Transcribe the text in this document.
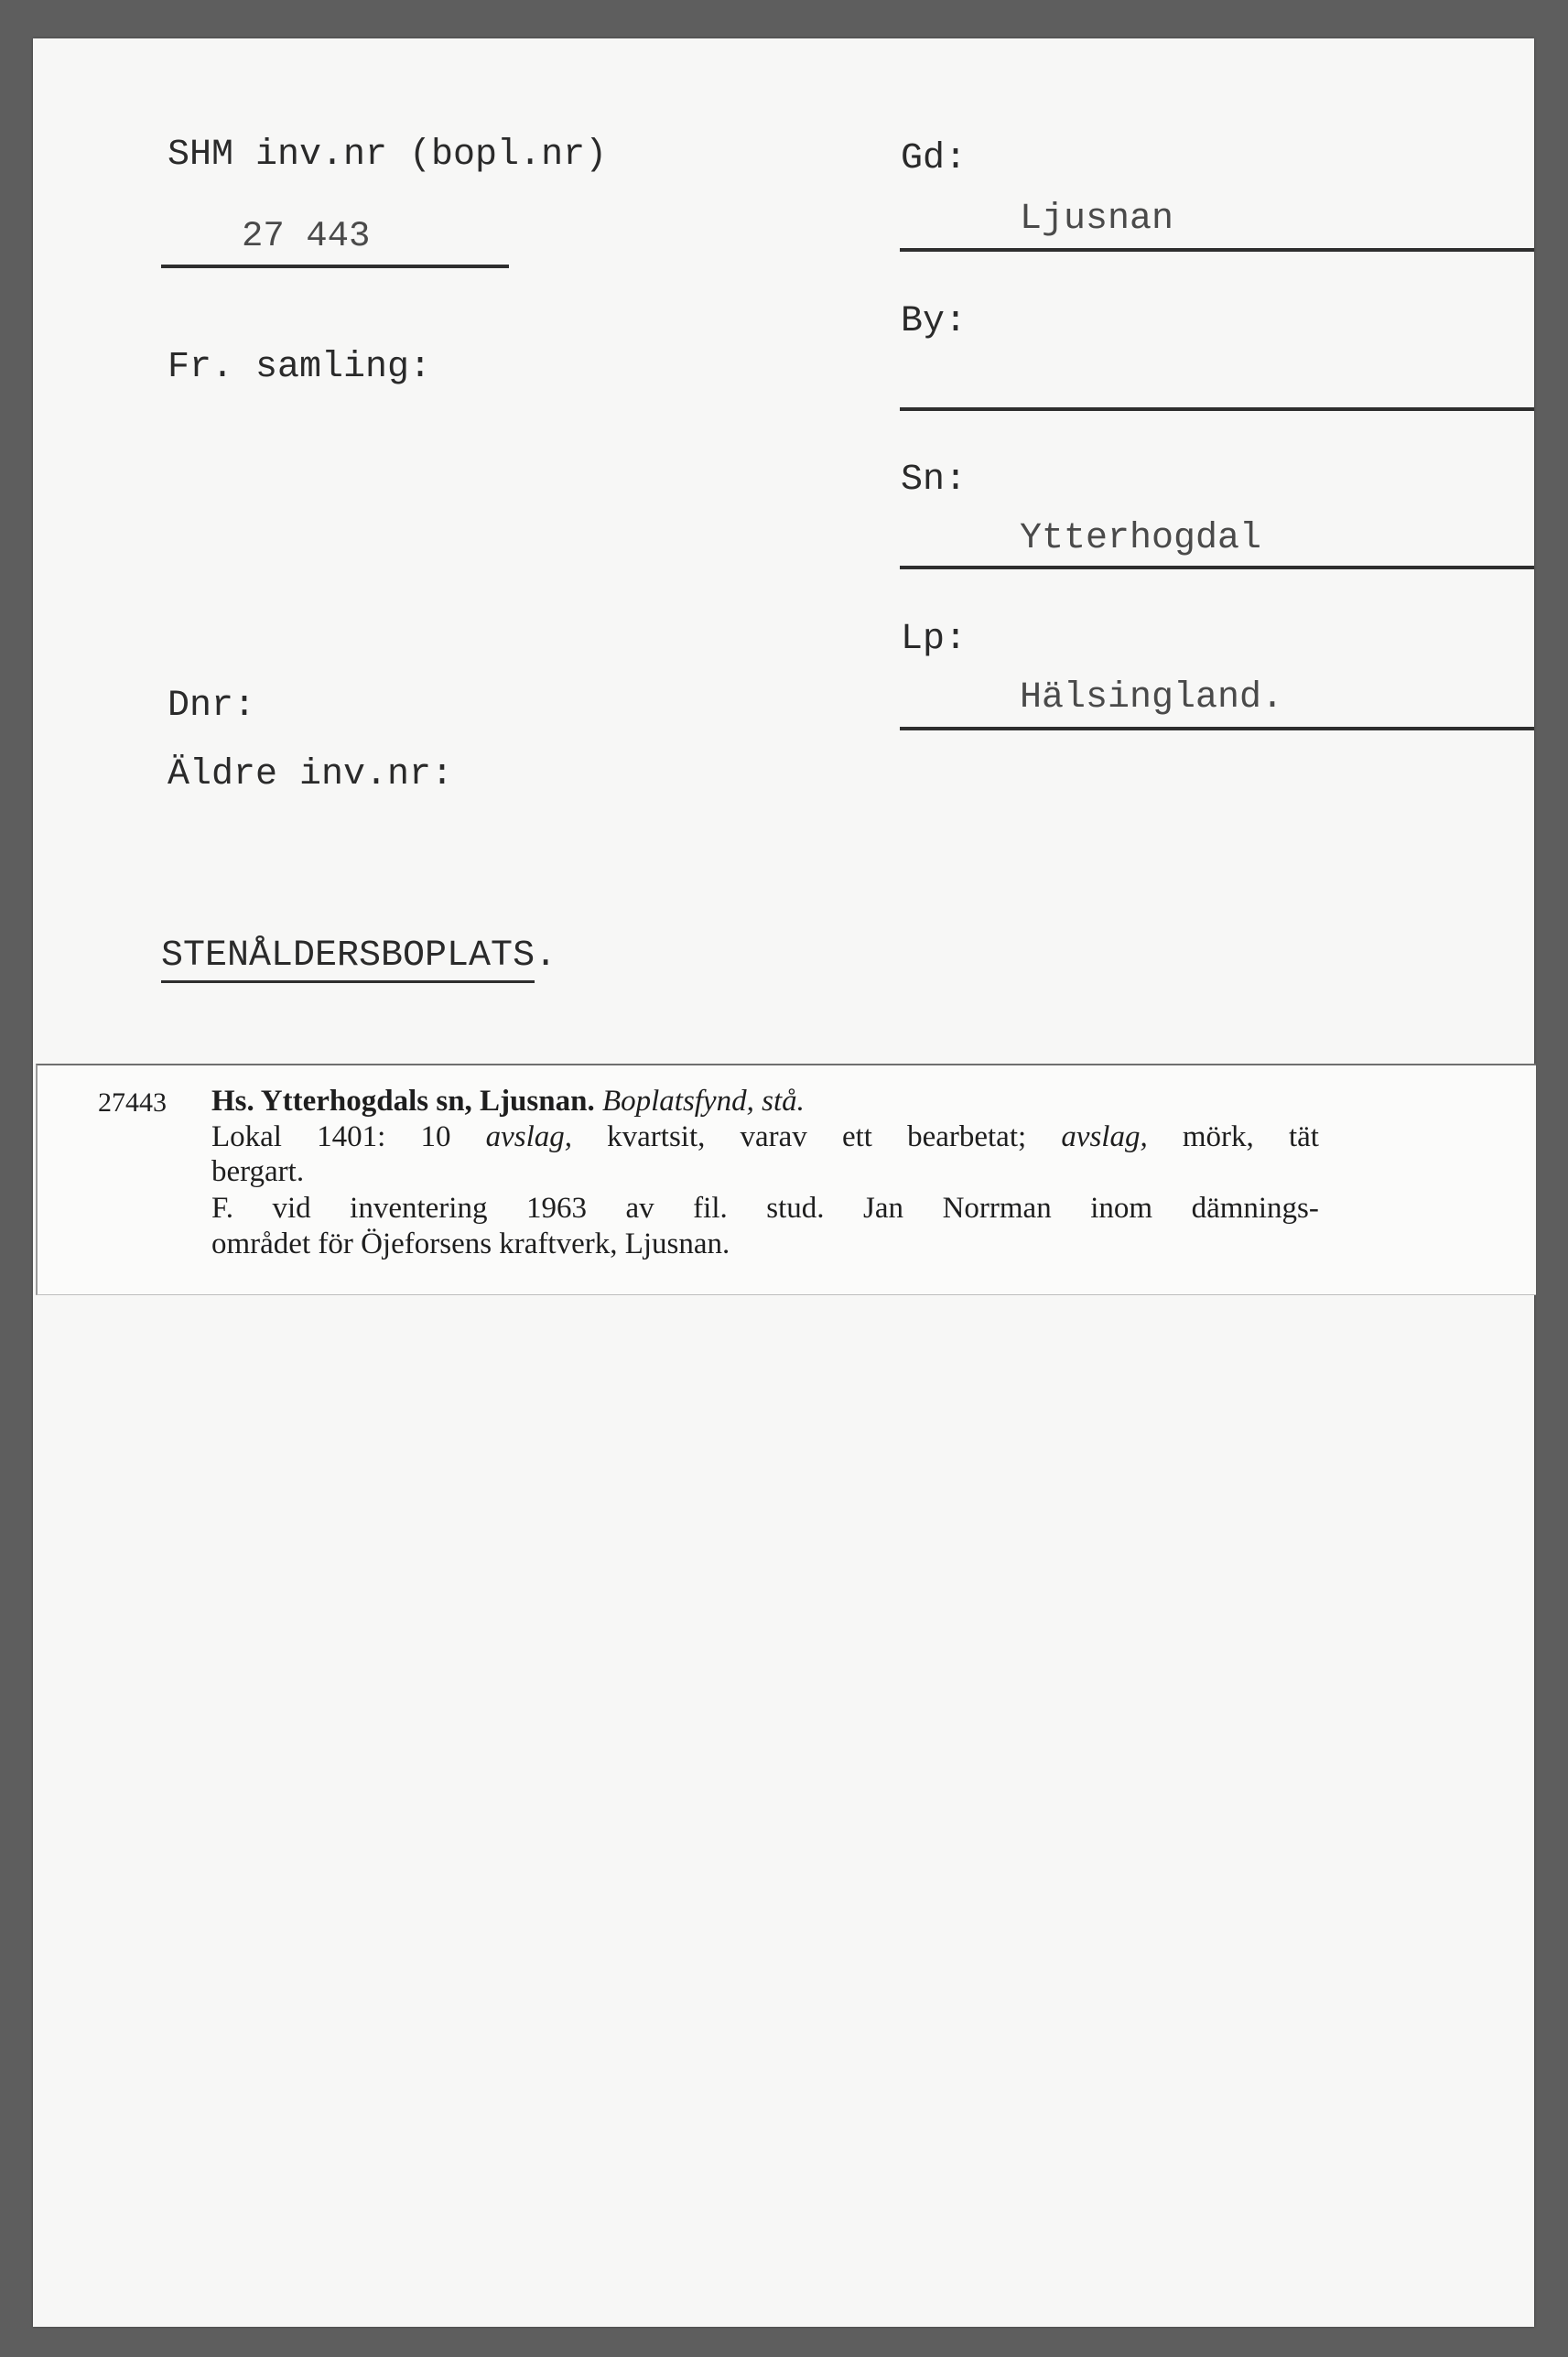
SHM inv.nr (bopl.nr)
27 443
Fr. samling:
Dnr:
Äldre inv.nr:
STENÅLDERSBOPLATS.
Gd:
Ljusnan
By:
Sn:
Ytterhogdal
Lp:
Hälsingland.
27443 Hs. Ytterhogdals sn, Ljusnan. Boplatsfynd, stå.
Lokal 1401: 10 avslag, kvartsit, varav ett bearbetat; avslag, mörk, tät
bergart.
F. vid inventering 1963 av fil. stud. Jan Norrman inom dämnings-
området för Öjeforsens kraftverk, Ljusnan.
